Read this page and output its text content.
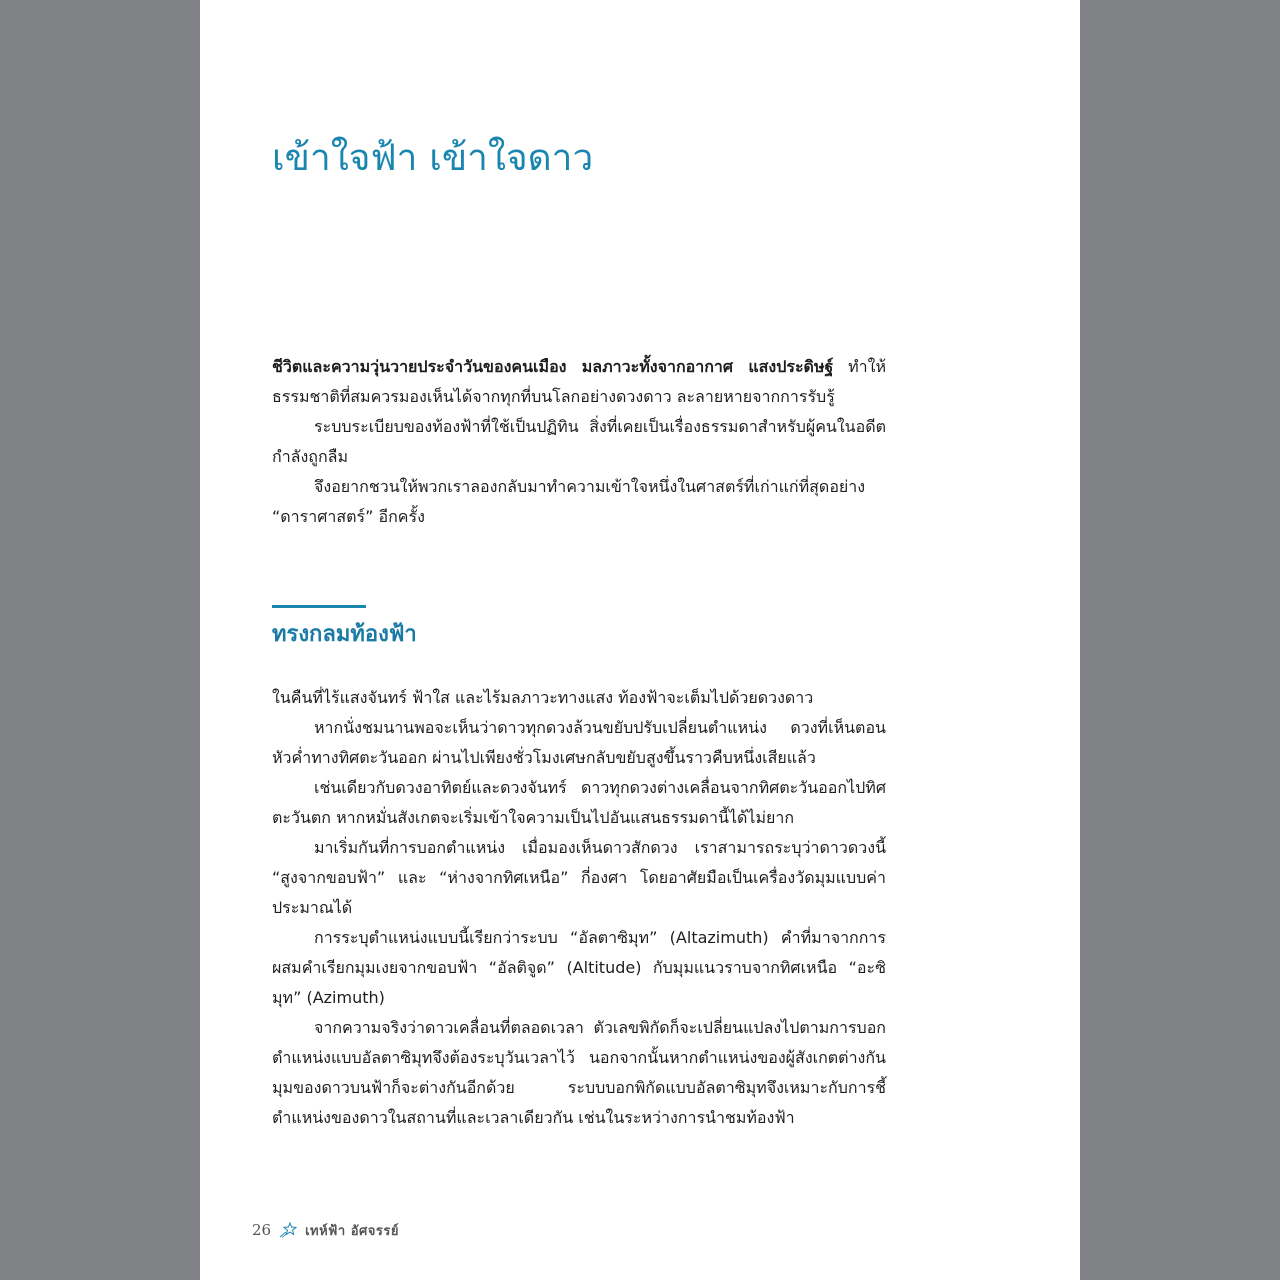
เข้าใจฟ้า เข้าใจดาว

ชีวิตและความวุ่นวายประจำวันของคนเมือง มลภาวะทั้งจากอากาศ แสงประดิษฐ์ ทำให้ธรรมชาติที่สมควรมองเห็นได้จากทุกที่บนโลกอย่างดวงดาว ละลายหายจากการรับรู้

ระบบระเบียบของท้องฟ้าที่ใช้เป็นปฏิทิน สิ่งที่เคยเป็นเรื่องธรรมดาสำหรับผู้คนในอดีตกำลังถูกลืม

จึงอยากชวนให้พวกเราลองกลับมาทำความเข้าใจหนึ่งในศาสตร์ที่เก่าแก่ที่สุดอย่าง “ดาราศาสตร์” อีกครั้ง

ทรงกลมท้องฟ้า

ในคืนที่ไร้แสงจันทร์ ฟ้าใส และไร้มลภาวะทางแสง ท้องฟ้าจะเต็มไปด้วยดวงดาว

หากนั่งชมนานพอจะเห็นว่าดาวทุกดวงล้วนขยับปรับเปลี่ยนตำแหน่ง ดวงที่เห็นตอนหัวค่ำทางทิศตะวันออก ผ่านไปเพียงชั่วโมงเศษกลับขยับสูงขึ้นราวคืบหนึ่งเสียแล้ว

เช่นเดียวกับดวงอาทิตย์และดวงจันทร์ ดาวทุกดวงต่างเคลื่อนจากทิศตะวันออกไปทิศตะวันตก หากหมั่นสังเกตจะเริ่มเข้าใจความเป็นไปอันแสนธรรมดานี้ได้ไม่ยาก

มาเริ่มกันที่การบอกตำแหน่ง เมื่อมองเห็นดาวสักดวง เราสามารถระบุว่าดาวดวงนี้ “สูงจากขอบฟ้า” และ “ห่างจากทิศเหนือ” กี่องศา โดยอาศัยมือเป็นเครื่องวัดมุมแบบค่าประมาณได้

การระบุตำแหน่งแบบนี้เรียกว่าระบบ “อัลตาซิมุท” (Altazimuth) คำที่มาจากการผสมคำเรียกมุมเงยจากขอบฟ้า “อัลติจูด” (Altitude) กับมุมแนวราบจากทิศเหนือ “อะซิมุท” (Azimuth)

จากความจริงว่าดาวเคลื่อนที่ตลอดเวลา ตัวเลขพิกัดก็จะเปลี่ยนแปลงไปตามการบอกตำแหน่งแบบอัลตาซิมุทจึงต้องระบุวันเวลาไว้ นอกจากนั้นหากตำแหน่งของผู้สังเกตต่างกัน มุมของดาวบนฟ้าก็จะต่างกันอีกด้วย ระบบบอกพิกัดแบบอัลตาซิมุทจึงเหมาะกับการชี้ตำแหน่งของดาวในสถานที่และเวลาเดียวกัน เช่นในระหว่างการนำชมท้องฟ้า

26	เทห์ฟ้า อัศจรรย์
